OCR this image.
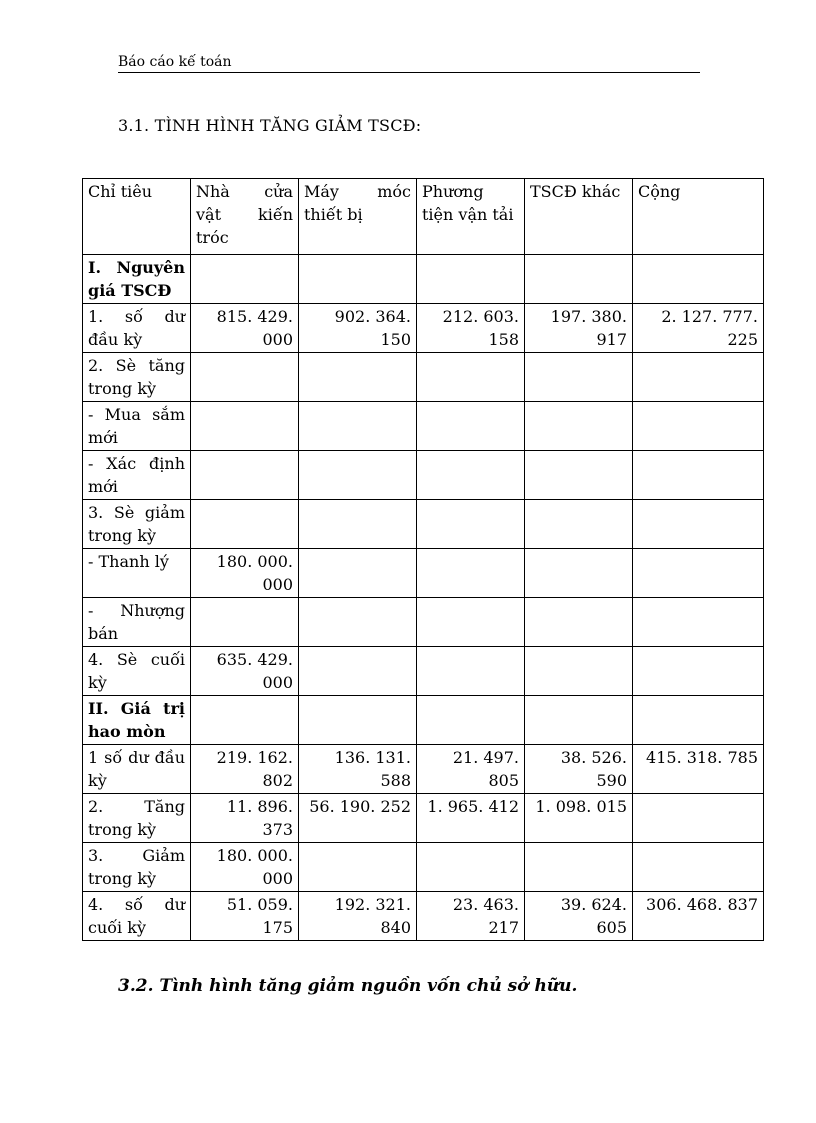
Báo cáo kế toán
3.1. TÌNH HÌNH TĂNG GIẢM TSCĐ:
Chỉ tiêu	Nhà cửa vật kiến tróc	Máy móc thiết bị	Phương tiện vận tải	TSCĐ khác	Cộng
I. Nguyên giá TSCĐ					
1. số dư đầu kỳ	815. 429. 000	902. 364. 150	212. 603. 158	197. 380. 917	2. 127. 777. 225
2. Sè tăng trong kỳ					
- Mua sắm mới					
- Xác định mới					
3. Sè giảm trong kỳ					
- Thanh lý	180. 000. 000				
- Nhượng bán					
4. Sè cuối kỳ	635. 429. 000				
II. Giá trị hao mòn					
1 số dư đầu kỳ	219. 162. 802	136. 131. 588	21. 497. 805	38. 526. 590	415. 318. 785
2. Tăng trong kỳ	11. 896. 373	56. 190. 252	1. 965. 412	1. 098. 015	
3. Giảm trong kỳ	180. 000. 000				
4. số dư cuối kỳ	51. 059. 175	192. 321. 840	23. 463. 217	39. 624. 605	306. 468. 837
3.2. Tình hình tăng giảm nguồn vốn chủ sở hữu.
